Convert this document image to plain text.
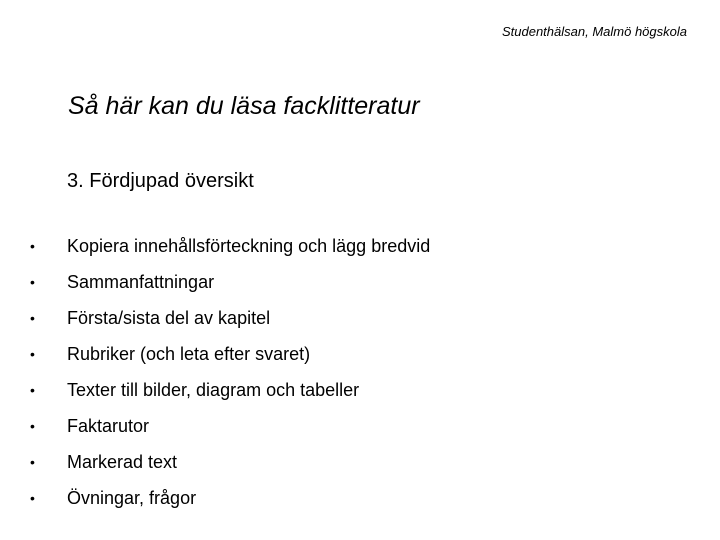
Studenthälsan, Malmö högskola
Så här kan du läsa facklitteratur
3. Fördjupad översikt
•	Kopiera innehållsförteckning och lägg bredvid
•	Sammanfattningar
•	Första/sista del av kapitel
•	Rubriker (och leta efter svaret)
•	Texter till bilder, diagram och tabeller
•	Faktarutor
•	Markerad text
•	Övningar, frågor
